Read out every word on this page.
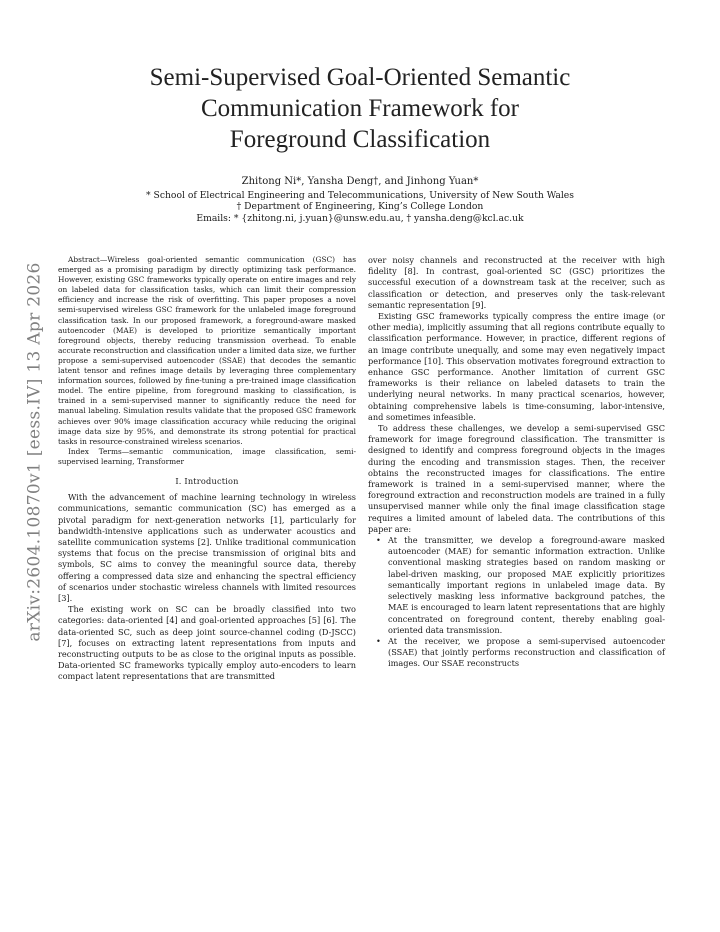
arXiv:2604.10870v1 [eess.IV] 13 Apr 2026
Semi-Supervised Goal-Oriented Semantic
Communication Framework for
Foreground Classification
Zhitong Ni*, Yansha Deng†, and Jinhong Yuan*
* School of Electrical Engineering and Telecommunications, University of New South Wales
† Department of Engineering, King’s College London
Emails: * {zhitong.ni, j.yuan}@unsw.edu.au, † yansha.deng@kcl.ac.uk

Abstract—Wireless goal-oriented semantic communication (GSC) has emerged as a promising paradigm by directly optimizing task performance. However, existing GSC frameworks typically operate on entire images and rely on labeled data for classification tasks, which can limit their compression efficiency and increase the risk of overfitting. This paper proposes a novel semi-supervised wireless GSC framework for the unlabeled image foreground classification task. In our proposed framework, a foreground-aware masked autoencoder (MAE) is developed to prioritize semantically important foreground objects, thereby reducing transmission overhead. To enable accurate reconstruction and classification under a limited data size, we further propose a semi-supervised autoencoder (SSAE) that decodes the semantic latent tensor and refines image details by leveraging three complementary information sources, followed by fine-tuning a pre-trained image classification model. The entire pipeline, from foreground masking to classification, is trained in a semi-supervised manner to significantly reduce the need for manual labeling. Simulation results validate that the proposed GSC framework achieves over 90% image classification accuracy while reducing the original image data size by 95%, and demonstrate its strong potential for practical tasks in resource-constrained wireless scenarios.

Index Terms—semantic communication, image classification, semi-supervised learning, Transformer

I. Introduction

With the advancement of machine learning technology in wireless communications, semantic communication (SC) has emerged as a pivotal paradigm for next-generation networks [1], particularly for bandwidth-intensive applications such as underwater acoustics and satellite communication systems [2]. Unlike traditional communication systems that focus on the precise transmission of original bits and symbols, SC aims to convey the meaningful source data, thereby offering a compressed data size and enhancing the spectral efficiency of scenarios under stochastic wireless channels with limited resources [3].

The existing work on SC can be broadly classified into two categories: data-oriented [4] and goal-oriented approaches [5] [6]. The data-oriented SC, such as deep joint source-channel coding (D-JSCC) [7], focuses on extracting latent representations from inputs and reconstructing outputs to be as close to the original inputs as possible. Data-oriented SC frameworks typically employ auto-encoders to learn compact latent representations that are transmitted

over noisy channels and reconstructed at the receiver with high fidelity [8]. In contrast, goal-oriented SC (GSC) prioritizes the successful execution of a downstream task at the receiver, such as classification or detection, and preserves only the task-relevant semantic representation [9].

Existing GSC frameworks typically compress the entire image (or other media), implicitly assuming that all regions contribute equally to classification performance. However, in practice, different regions of an image contribute unequally, and some may even negatively impact performance [10]. This observation motivates foreground extraction to enhance GSC performance. Another limitation of current GSC frameworks is their reliance on labeled datasets to train the underlying neural networks. In many practical scenarios, however, obtaining comprehensive labels is time-consuming, labor-intensive, and sometimes infeasible.

To address these challenges, we develop a semi-supervised GSC framework for image foreground classification. The transmitter is designed to identify and compress foreground objects in the images during the encoding and transmission stages. Then, the receiver obtains the reconstructed images for classifications. The entire framework is trained in a semi-supervised manner, where the foreground extraction and reconstruction models are trained in a fully unsupervised manner while only the final image classification stage requires a limited amount of labeled data. The contributions of this paper are:

• At the transmitter, we develop a foreground-aware masked autoencoder (MAE) for semantic information extraction. Unlike conventional masking strategies based on random masking or label-driven masking, our proposed MAE explicitly prioritizes semantically important regions in unlabeled image data. By selectively masking less informative background patches, the MAE is encouraged to learn latent representations that are highly concentrated on foreground content, thereby enabling goal-oriented data transmission.
• At the receiver, we propose a semi-supervised autoencoder (SSAE) that jointly performs reconstruction and classification of images. Our SSAE reconstructs
